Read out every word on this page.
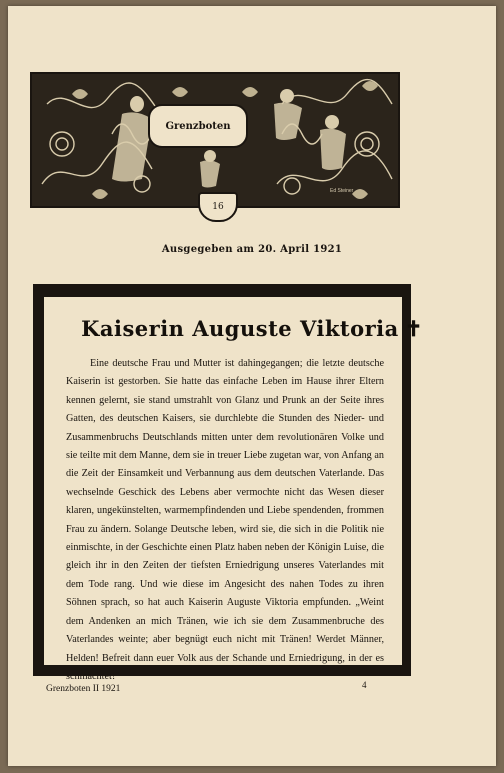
Grenzboten
16
Ed Steiner
Ausgegeben am 20. April 1921
Kaiserin Auguste Viktoria ✝
Eine deutsche Frau und Mutter ist dahingegangen; die letzte deutsche Kaiserin ist gestorben. Sie hatte das einfache Leben im Hause ihrer Eltern kennen gelernt, sie stand umstrahlt von Glanz und Prunk an der Seite ihres Gatten, des deutschen Kaisers, sie durchlebte die Stunden des Nieder- und Zusammenbruchs Deutschlands mitten unter dem revolutionären Volke und sie teilte mit dem Manne, dem sie in treuer Liebe zugetan war, von Anfang an die Zeit der Einsamkeit und Verbannung aus dem deutschen Vaterlande. Das wechselnde Geschick des Lebens aber vermochte nicht das Wesen dieser klaren, ungekünstelten, warmempfindenden und Liebe spendenden, frommen Frau zu ändern. Solange Deutsche leben, wird sie, die sich in die Politik nie einmischte, in der Geschichte einen Platz haben neben der Königin Luise, die gleich ihr in den Zeiten der tiefsten Erniedrigung unseres Vaterlandes mit dem Tode rang. Und wie diese im Angesicht des nahen Todes zu ihren Söhnen sprach, so hat auch Kaiserin Auguste Viktoria empfunden. „Weint dem Andenken an mich Tränen, wie ich sie dem Zusammenbruche des Vaterlandes weinte; aber begnügt euch nicht mit Tränen! Werdet Männer, Helden! Befreit dann euer Volk aus der Schande und Erniedrigung, in der es schmachtet!“
Grenzboten II 1921	4
